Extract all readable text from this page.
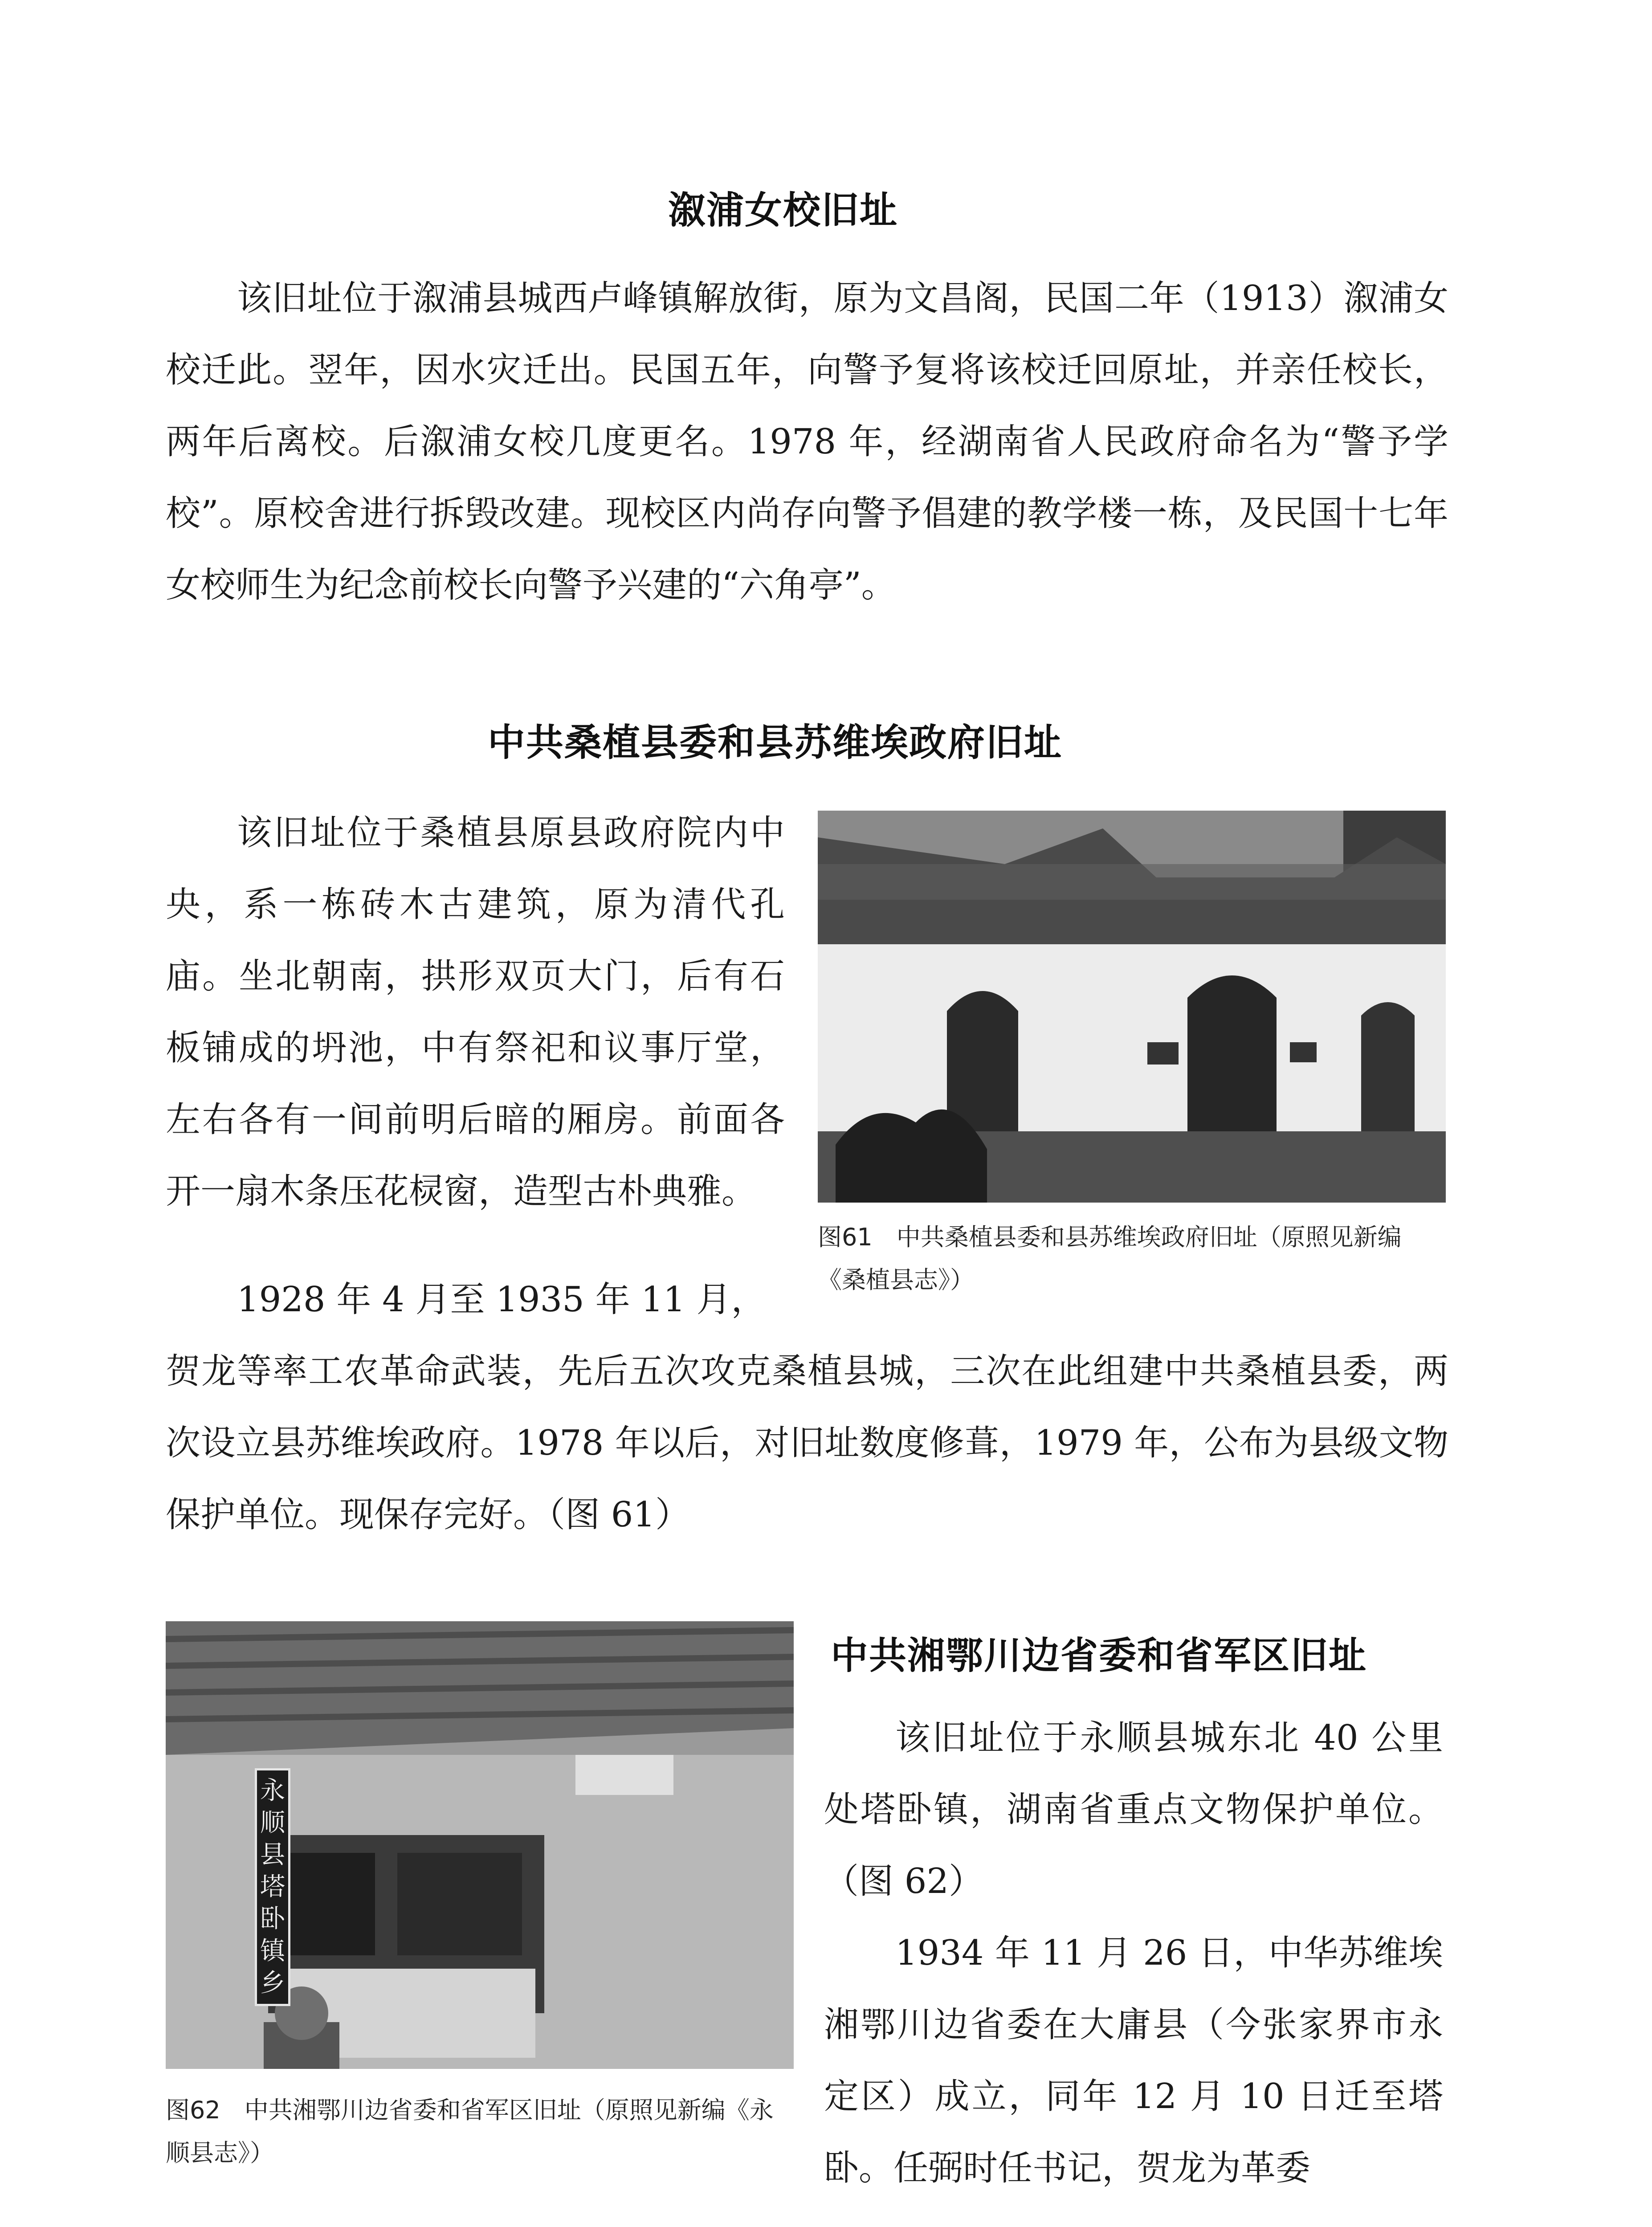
溆浦女校旧址

该旧址位于溆浦县城西卢峰镇解放街，原为文昌阁，民国二年（1913）溆浦女校迁此。翌年，因水灾迁出。民国五年，向警予复将该校迁回原址，并亲任校长，两年后离校。后溆浦女校几度更名。1978 年，经湖南省人民政府命名为“警予学校”。原校舍进行拆毁改建。现校区内尚存向警予倡建的教学楼一栋，及民国十七年女校师生为纪念前校长向警予兴建的“六角亭”。

中共桑植县委和县苏维埃政府旧址

该旧址位于桑植县原县政府院内中央，系一栋砖木古建筑，原为清代孔庙。坐北朝南，拱形双页大门，后有石板铺成的坍池，中有祭祀和议事厅堂，左右各有一间前明后暗的厢房。前面各开一扇木条压花棂窗，造型古朴典雅。

1928 年 4 月至 1935 年 11 月，

贺龙等率工农革命武装，先后五次攻克桑植县城，三次在此组建中共桑植县委，两次设立县苏维埃政府。1978 年以后，对旧址数度修葺，1979 年，公布为县级文物保护单位。现保存完好。（图 61）

图61　中共桑植县委和县苏维埃政府旧址（原照见新编《桑植县志》）
永顺县塔卧镇乡
图62　中共湘鄂川边省委和省军区旧址（原照见新编《永顺县志》）
中共湘鄂川边省委和省军区旧址

该旧址位于永顺县城东北 40 公里处塔卧镇，湖南省重点文物保护单位。（图 62）

1934 年 11 月 26 日，中华苏维埃湘鄂川边省委在大庸县（今张家界市永定区）成立，同年 12 月 10 日迁至塔卧。任弼时任书记，贺龙为革委
